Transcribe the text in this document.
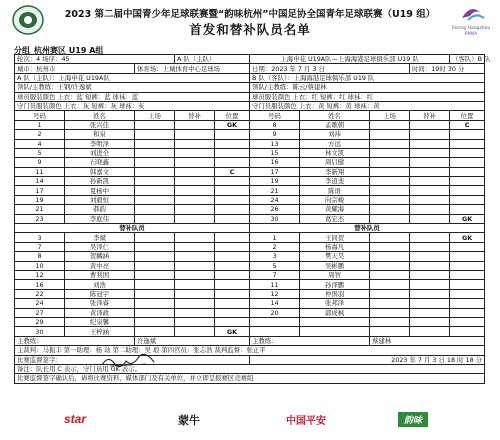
2023 第二届中国青少年足球联赛暨“韵味杭州”中国足协全国青年足球联赛（U19 组）
首发和替补队员名单	Facing Hangzhou
PAMA
分组_杭州赛区 U19 A组
轮次：4 场序：45			A 队（主队）		上海申花 U19A队—上海海港足球俱乐部 U19 队				（客队）B 队
城市：杭州市		体育场：上城体育中心足球场			日期：2023 年 7 月 3 日			时间：19时 30 分	
A 队（主队）：上海申花 U19A队					B 队（客队）：上海海港足球俱乐部 U19 队				
领队/主教练：王钢/许逸斌					领队/主教练：陈云/蔡建林				
球员服装颜色 上衣：蓝 短裤：蓝 球袜：蓝					球员服装颜色 上衣：红 短裤：红 球袜：红				
守门员服装颜色 上衣：灰 短裤：灰 球袜：灰					守门员服装颜色 上衣：黄 短裤：黄 球袜：黄				
号码	姓名	上场	替补	位置	号码	姓名	上场	替补	位置
1	张兴佳			GK	8	孟歌朝			C
2	和泉				9	刘祎			
4	李明泽				13	方远			
5	刘进全				15	林文凯			
9	石晓鑫				16	周启健			
11	韩嘉文			C	17	李新翔			
14	孙新凯				19	李逍斐			
17	夏杨中				21	陈语			
19	刘毅恒				24	向宗峻			
21	郝韵				26	黄耀海			
23	李庭伟				30	葛宏杰			GK
替补队员					替补队员				
3	李斌				1	王同贺			GK
7	吴泽仁				2	杨海凡			
8	贺麟涵				3	樊天昊			
10	黄中亮				5	吴彬鹏			
12	曹利国				7	周智			
16	刘浩				11	孙泽鹏			
22	陈冠宇				12	仲国羽			
24	张泽睿				14	张邦泽			
27	黄泽政				20	郭成枫			
29	纪泉馨								
30	王梓涵			GK					
主教练：		许逸斌			主教练：		蔡建林		
主裁判：马振丰 第一助理：杨 劫 第二助理：吴 琅 第四官员：张志浩 裁判监督：张正平									
比赛监督签字：					2023 年 7 月 3 日 18 时 18 分				
备注：队长用 C 表示，守门员用 GK 表示。									
比赛监督签字确认后，请将比赛资料、媒体部门及有关单位，并立即呈报赛区竞赛组									
star	蒙牛	中国平安	韵味
